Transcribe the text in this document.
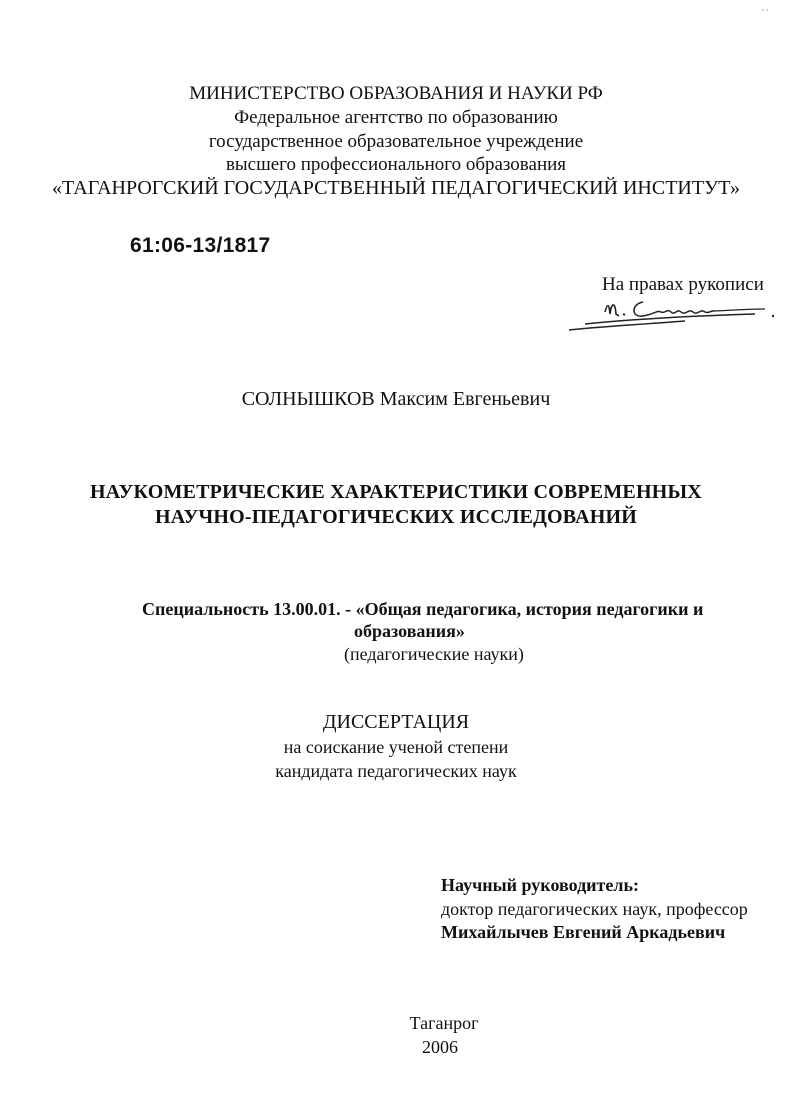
' '
МИНИСТЕРСТВО ОБРАЗОВАНИЯ И НАУКИ РФ
Федеральное агентство по образованию
государственное образовательное учреждение
высшего профессионального образования
«ТАГАНРОГСКИЙ ГОСУДАРСТВЕННЫЙ ПЕДАГОГИЧЕСКИЙ ИНСТИТУТ»
61:06-13/1817
На правах рукописи
СОЛНЫШКОВ Максим Евгеньевич
НАУКОМЕТРИЧЕСКИЕ ХАРАКТЕРИСТИКИ СОВРЕМЕННЫХ
НАУЧНО-ПЕДАГОГИЧЕСКИХ ИССЛЕДОВАНИЙ
Специальность 13.00.01. - «Общая педагогика, история педагогики и
образования»
(педагогические науки)
ДИССЕРТАЦИЯ
на соискание ученой степени
кандидата педагогических наук
Научный руководитель:
доктор педагогических наук, профессор
Михайлычев Евгений Аркадьевич
Таганрог
2006
